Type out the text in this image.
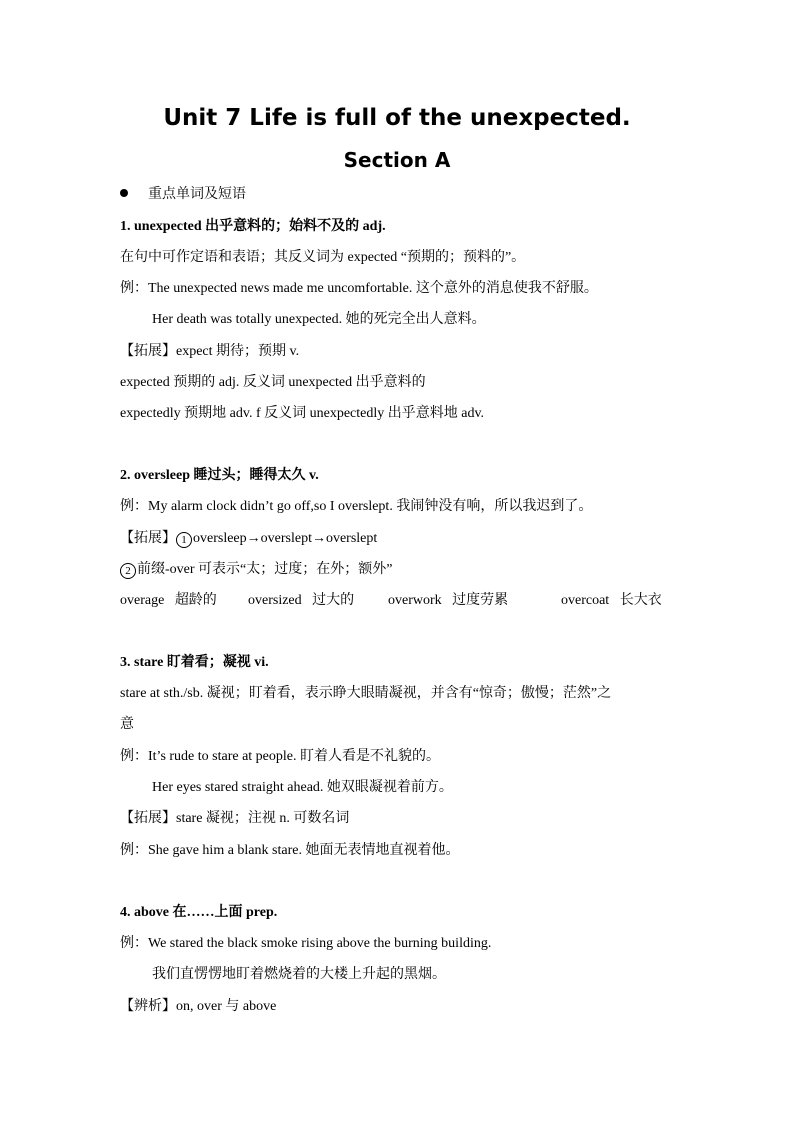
Unit 7 Life is full of the unexpected.
Section A
重点单词及短语
1. unexpected 出乎意料的；始料不及的 adj.
在句中可作定语和表语；其反义词为 expected “预期的；预料的”。
例：The unexpected news made me uncomfortable. 这个意外的消息使我不舒服。
Her death was totally unexpected. 她的死完全出人意料。
【拓展】expect 期待；预期 v.
expected 预期的 adj. 反义词 unexpected 出乎意料的
expectedly 预期地 adv. f 反义词 unexpectedly 出乎意料地 adv.
2. oversleep 睡过头；睡得太久 v.
例：My alarm clock didn’t go off,so I overslept. 我闹钟没有响，所以我迟到了。
【拓展】 1 oversleep→overslept→overslept
2 前缀-over 可表示“太；过度；在外；额外”
overage 超龄的 oversized 过大的 overwork 过度劳累	overcoat 长大衣
3. stare 盯着看；凝视 vi.
stare at sth./sb. 凝视；盯着看，表示睁大眼睛凝视，并含有“惊奇；傲慢；茫然”之
意
例：It’s rude to stare at people. 盯着人看是不礼貌的。
Her eyes stared straight ahead. 她双眼凝视着前方。
【拓展】stare 凝视；注视 n. 可数名词
例：She gave him a blank stare. 她面无表情地直视着他。
4. above 在……上面 prep.
例：We stared the black smoke rising above the burning building.
我们直愣愣地盯着燃烧着的大楼上升起的黑烟。
【辨析】on, over 与 above
